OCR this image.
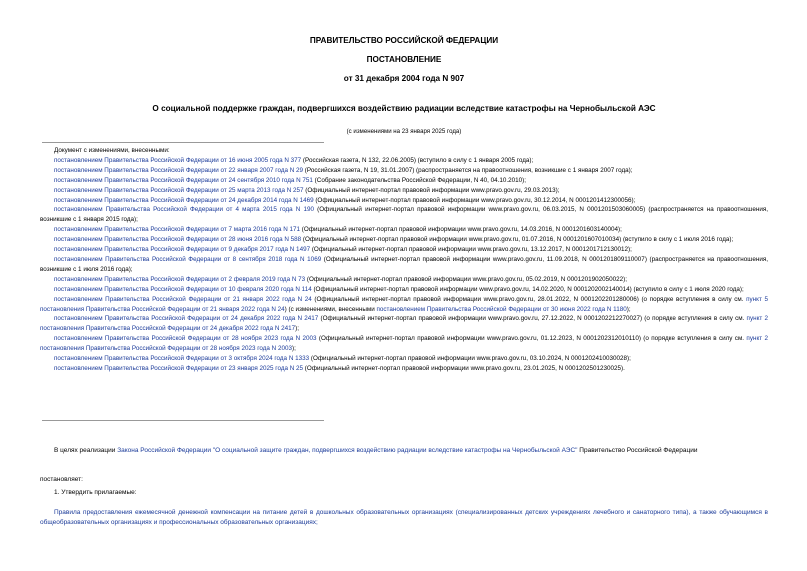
ПРАВИТЕЛЬСТВО РОССИЙСКОЙ ФЕДЕРАЦИИ
ПОСТАНОВЛЕНИЕ
от 31 декабря 2004 года N 907
О социальной поддержке граждан, подвергшихся воздействию радиации вследствие катастрофы на Чернобыльской АЭС
(с изменениями на 23 января 2025 года)
Документ с изменениями, внесенными:
постановлением Правительства Российской Федерации от 16 июня 2005 года N 377 (Российская газета, N 132, 22.06.2005) (вступило в силу с 1 января 2005 года);
постановлением Правительства Российской Федерации от 22 января 2007 года N 29 (Российская газета, N 19, 31.01.2007) (распространяется на правоотношения, возникшие с 1 января 2007 года);
постановлением Правительства Российской Федерации от 24 сентября 2010 года N 751 (Собрание законодательства Российской Федерации, N 40, 04.10.2010);
постановлением Правительства Российской Федерации от 25 марта 2013 года N 257 (Официальный интернет-портал правовой информации www.pravo.gov.ru, 29.03.2013);
постановлением Правительства Российской Федерации от 24 декабря 2014 года N 1469 (Официальный интернет-портал правовой информации www.pravo.gov.ru, 30.12.2014, N 0001201412300056);
постановлением Правительства Российской Федерации от 4 марта 2015 года N 190 (Официальный интернет-портал правовой информации www.pravo.gov.ru, 06.03.2015, N 0001201503060005) (распространяется на правоотношения, возникшие с 1 января 2015 года);
постановлением Правительства Российской Федерации от 7 марта 2016 года N 171 (Официальный интернет-портал правовой информации www.pravo.gov.ru, 14.03.2016, N 0001201603140004);
постановлением Правительства Российской Федерации от 28 июня 2016 года N 588 (Официальный интернет-портал правовой информации www.pravo.gov.ru, 01.07.2016, N 0001201607010034) (вступило в силу с 1 июля 2016 года);
постановлением Правительства Российской Федерации от 9 декабря 2017 года N 1497 (Официальный интернет-портал правовой информации www.pravo.gov.ru, 13.12.2017, N 0001201712130012);
постановлением Правительства Российской Федерации от 8 сентября 2018 года N 1069 (Официальный интернет-портал правовой информации www.pravo.gov.ru, 11.09.2018, N 0001201809110007) (распространяется на правоотношения, возникшие с 1 июля 2016 года);
постановлением Правительства Российской Федерации от 2 февраля 2019 года N 73 (Официальный интернет-портал правовой информации www.pravo.gov.ru, 05.02.2019, N 0001201902050022);
постановлением Правительства Российской Федерации от 10 февраля 2020 года N 114 (Официальный интернет-портал правовой информации www.pravo.gov.ru, 14.02.2020, N 0001202002140014) (вступило в силу с 1 июля 2020 года);
постановлением Правительства Российской Федерации от 21 января 2022 года N 24 (Официальный интернет-портал правовой информации www.pravo.gov.ru, 28.01.2022, N 0001202201280006) (о порядке вступления в силу см. пункт 5 постановления Правительства Российской Федерации от 21 января 2022 года N 24) (с изменениями, внесенными постановлением Правительства Российской Федерации от 30 июня 2022 года N 1180);
постановлением Правительства Российской Федерации от 24 декабря 2022 года N 2417 (Официальный интернет-портал правовой информации www.pravo.gov.ru, 27.12.2022, N 0001202212270027) (о порядке вступления в силу см. пункт 2 постановления Правительства Российской Федерации от 24 декабря 2022 года N 2417);
постановлением Правительства Российской Федерации от 28 ноября 2023 года N 2003 (Официальный интернет-портал правовой информации www.pravo.gov.ru, 01.12.2023, N 0001202312010110) (о порядке вступления в силу см. пункт 2 постановления Правительства Российской Федерации от 28 ноября 2023 года N 2003);
постановлением Правительства Российской Федерации от 3 октября 2024 года N 1333 (Официальный интернет-портал правовой информации www.pravo.gov.ru, 03.10.2024, N 0001202410030028);
постановлением Правительства Российской Федерации от 23 января 2025 года N 25 (Официальный интернет-портал правовой информации www.pravo.gov.ru, 23.01.2025, N 0001202501230025).
В целях реализации Закона Российской Федерации "О социальной защите граждан, подвергшихся воздействию радиации вследствие катастрофы на Чернобыльской АЭС" Правительство Российской Федерации
постановляет:
1. Утвердить прилагаемые:
Правила предоставления ежемесячной денежной компенсации на питание детей в дошкольных образовательных организациях (специализированных детских учреждениях лечебного и санаторного типа), а также обучающимся в общеобразовательных организациях и профессиональных образовательных организациях;
